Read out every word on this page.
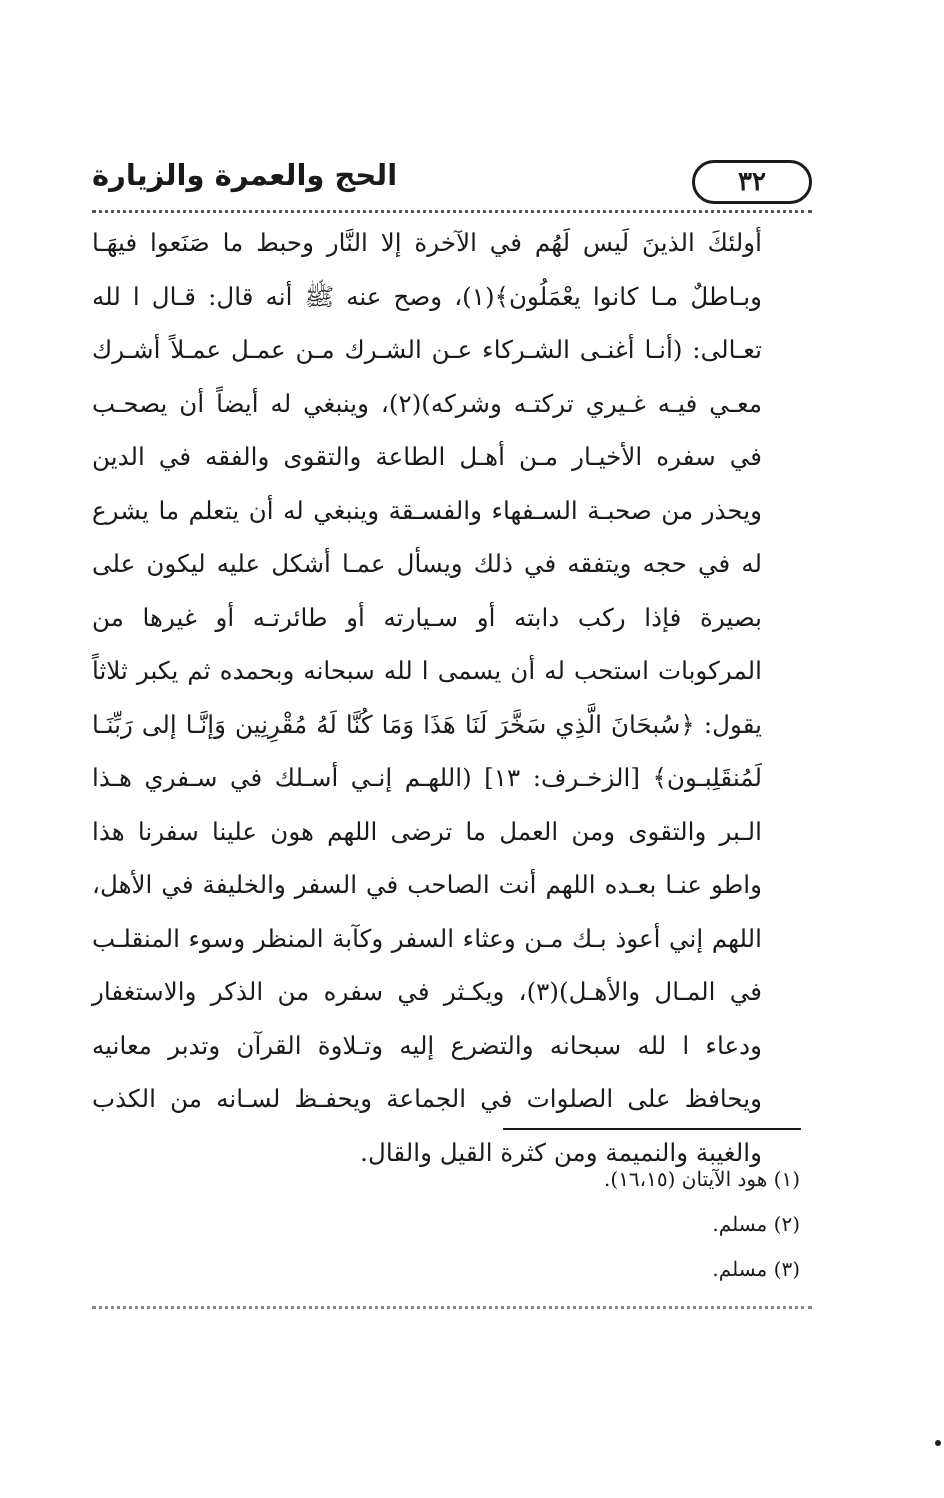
الحج والعمرة والزيارة	٣٢

أولئكَ الذينَ لَيس لَهُم في الآخرة إلا النَّار وحبط ما صَنَعوا فيهَـا وبـاطلٌ مـا كانوا يعْمَلُون﴾(١)، وصح عنه ﷺ أنه قال: قـال ا لله تعـالى: (أنـا أغنـى الشـركاء عـن الشـرك مـن عمـل عمـلاً أشـرك معـي فيـه غـيري تركتـه وشركه)(٢)، وينبغي له أيضاً أن يصحـب في سفره الأخيـار مـن أهـل الطاعة والتقوى والفقه في الدين ويحذر من صحبـة السـفهاء والفسـقة وينبغي له أن يتعلم ما يشرع له في حجه ويتفقه في ذلك ويسأل عمـا أشكل عليه ليكون على بصيرة فإذا ركب دابته أو سـيارته أو طائرتـه أو غيرها من المركوبات استحب له أن يسمى ا لله سبحانه وبحمده ثم يكبر ثلاثاً يقول: ﴿سُبحَانَ الَّذِي سَخَّرَ لَنَا هَذَا وَمَا كُنَّا لَهُ مُقْرِنِين وَإنَّـا إلى رَبِّنَـا لَمُنقَلِبـون﴾ [الزخـرف: ١٣] (اللهـم إنـي أسـلك في سـفري هـذا الـبر والتقوى ومن العمل ما ترضى اللهم هون علينا سفرنا هذا واطو عنـا بعـده اللهم أنت الصاحب في السفر والخليفة في الأهل، اللهم إني أعوذ بـك مـن وعثاء السفر وكآبة المنظر وسوء المنقلـب في المـال والأهـل)(٣)، ويكـثر في سفره من الذكر والاستغفار ودعاء ا لله سبحانه والتضرع إليه وتـلاوة القرآن وتدبر معانيه ويحافظ على الصلوات في الجماعة ويحفـظ لسـانه من الكذب والغيبة والنميمة ومن كثرة القيل والقال.

(١) هود الآيتان (١٦،١٥).

(٢) مسلم.

(٣) مسلم.
